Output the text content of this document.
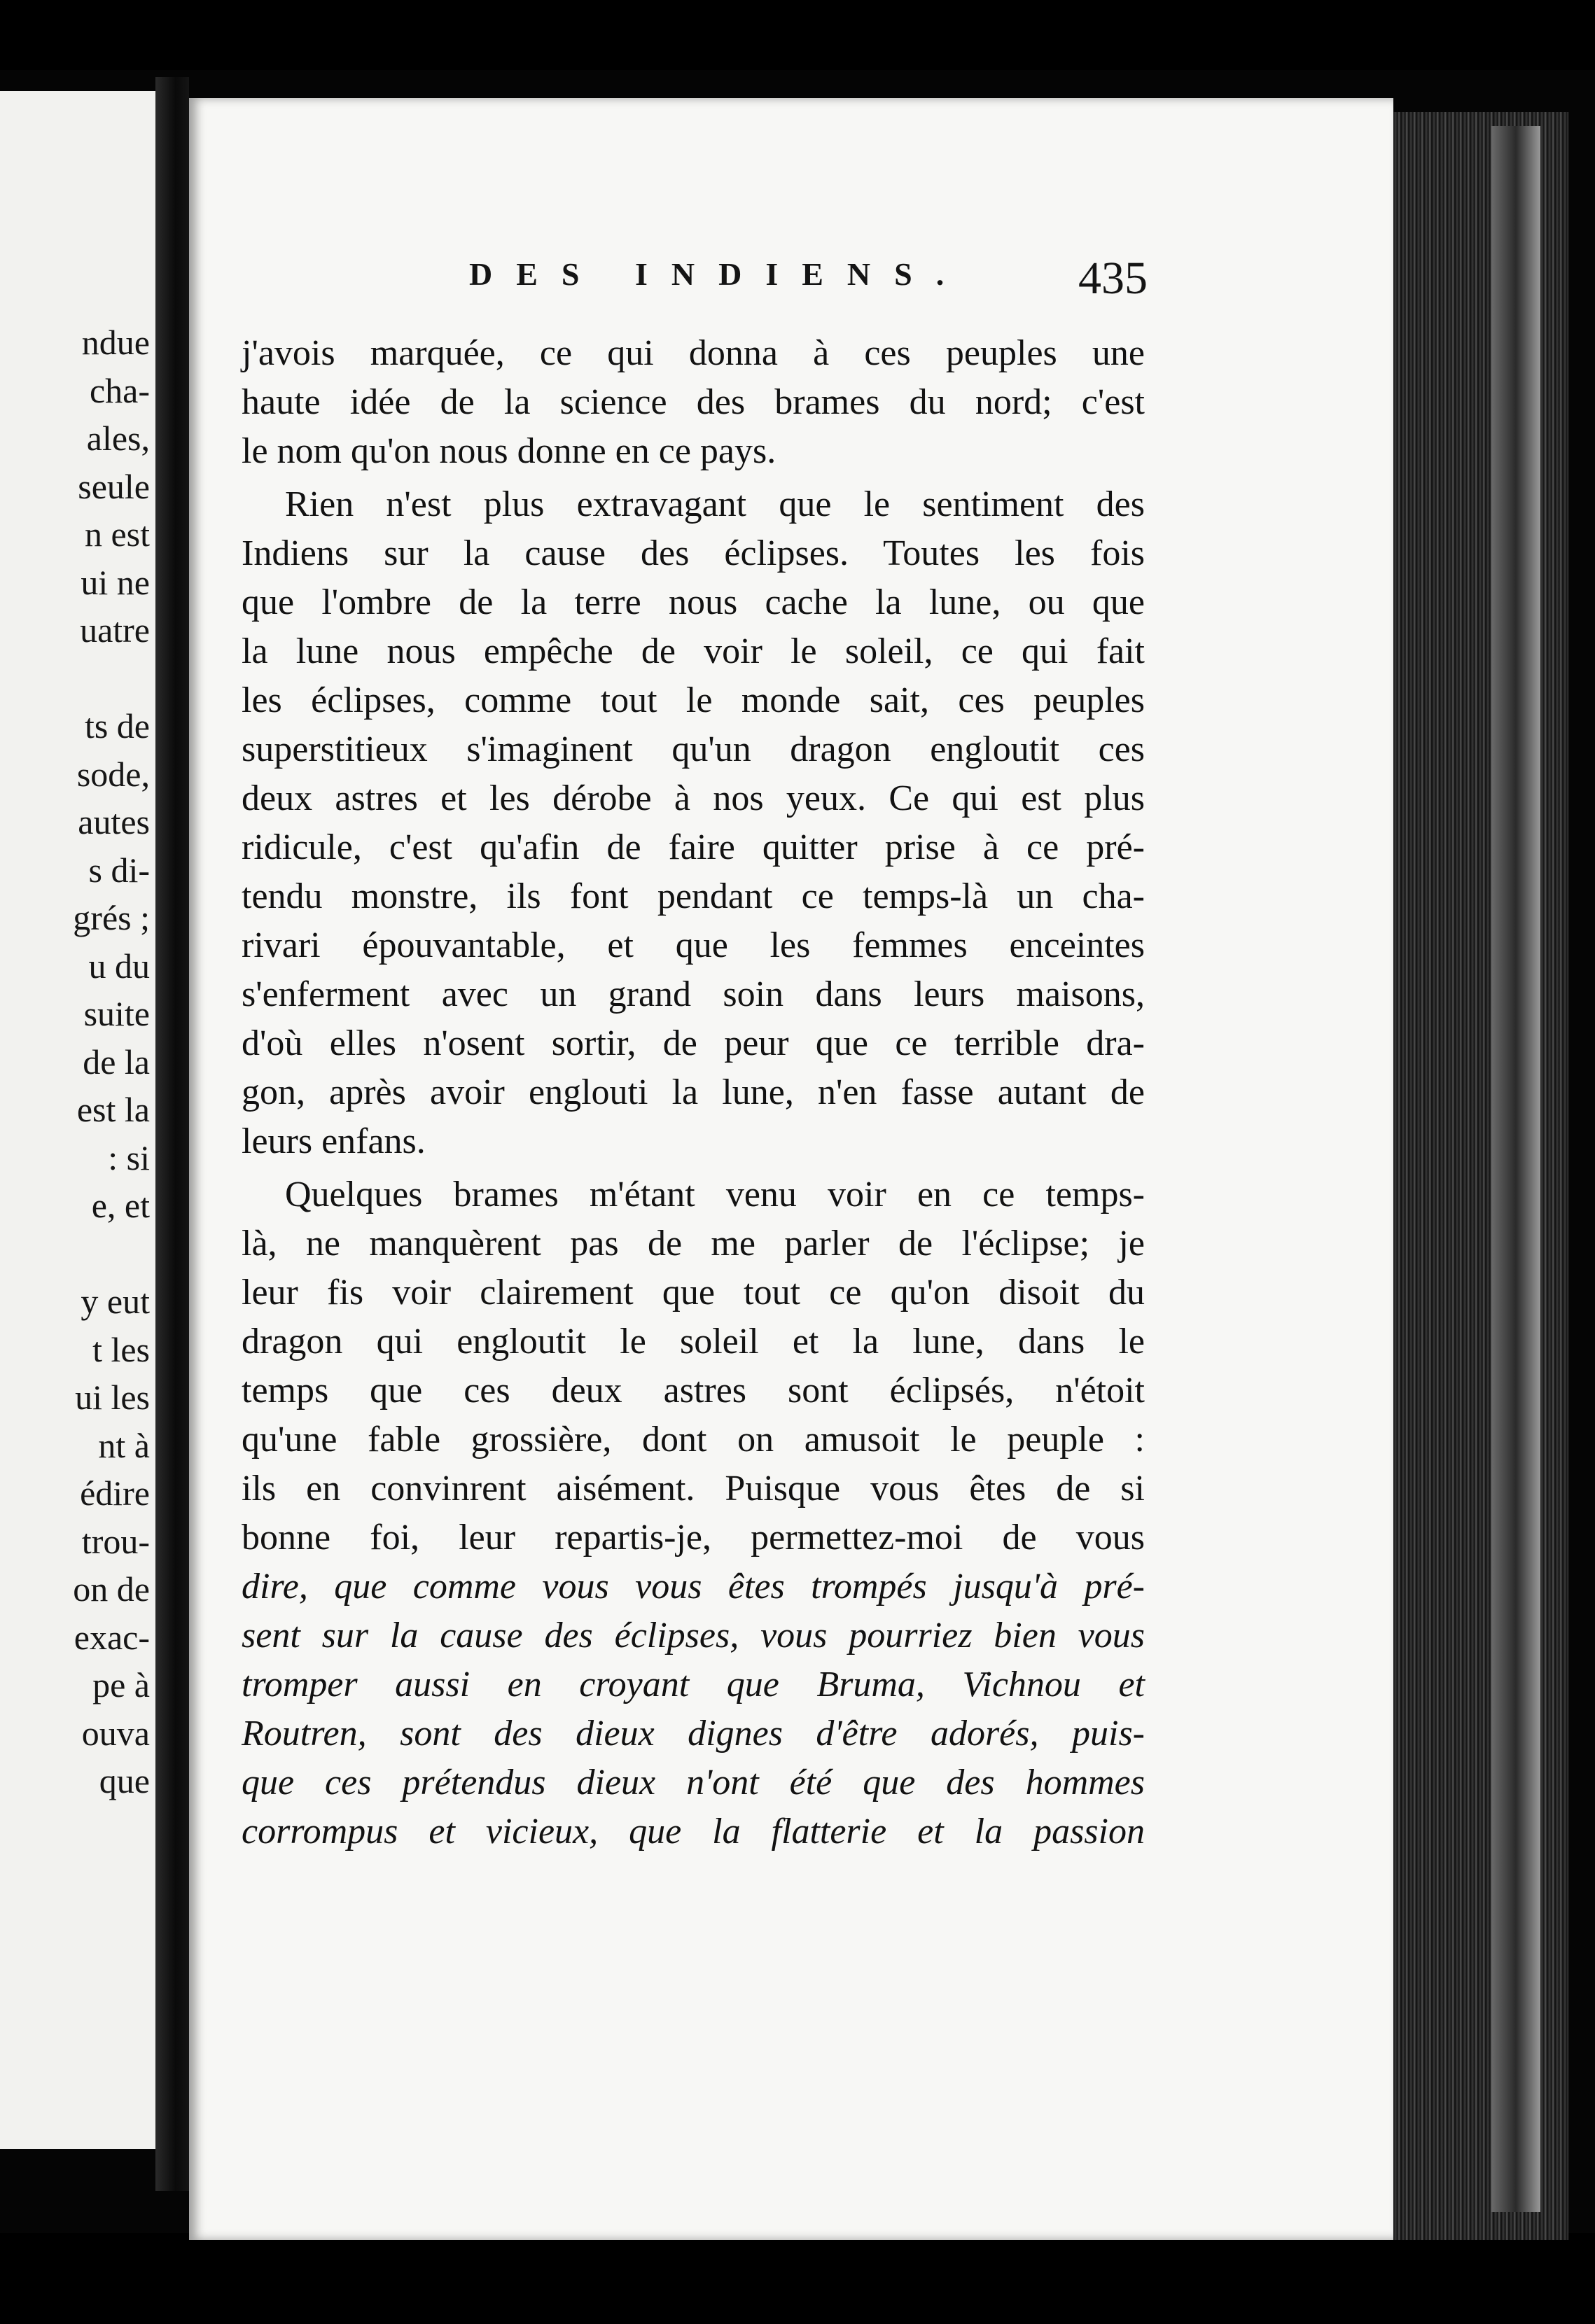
ndue
cha-
ales,
seule
n est
ui ne
uatre
ts de
sode,
autes
s di-
grés ;
u du
suite
de la
est la
: si
e, et
y eut
t les
ui les
nt à
édire
trou-
on de
exac-
pe à
ouva
que
DES INDIENS. 435
j'avois marquée, ce qui donna à ces peuples une
haute idée de la science des brames du nord; c'est
le nom qu'on nous donne en ce pays.
Rien n'est plus extravagant que le sentiment des
Indiens sur la cause des éclipses. Toutes les fois
que l'ombre de la terre nous cache la lune, ou que
la lune nous empêche de voir le soleil, ce qui fait
les éclipses, comme tout le monde sait, ces peuples
superstitieux s'imaginent qu'un dragon engloutit ces
deux astres et les dérobe à nos yeux. Ce qui est plus
ridicule, c'est qu'afin de faire quitter prise à ce pré-
tendu monstre, ils font pendant ce temps-là un cha-
rivari épouvantable, et que les femmes enceintes
s'enferment avec un grand soin dans leurs maisons,
d'où elles n'osent sortir, de peur que ce terrible dra-
gon, après avoir englouti la lune, n'en fasse autant de
leurs enfans.
Quelques brames m'étant venu voir en ce temps-
là, ne manquèrent pas de me parler de l'éclipse; je
leur fis voir clairement que tout ce qu'on disoit du
dragon qui engloutit le soleil et la lune, dans le
temps que ces deux astres sont éclipsés, n'étoit
qu'une fable grossière, dont on amusoit le peuple :
ils en convinrent aisément. Puisque vous êtes de si
bonne foi, leur repartis-je, permettez-moi de vous
dire, que comme vous vous êtes trompés jusqu'à pré-
sent sur la cause des éclipses, vous pourriez bien vous
tromper aussi en croyant que Bruma, Vichnou et
Routren, sont des dieux dignes d'être adorés, puis-
que ces prétendus dieux n'ont été que des hommes
corrompus et vicieux, que la flatterie et la passion
